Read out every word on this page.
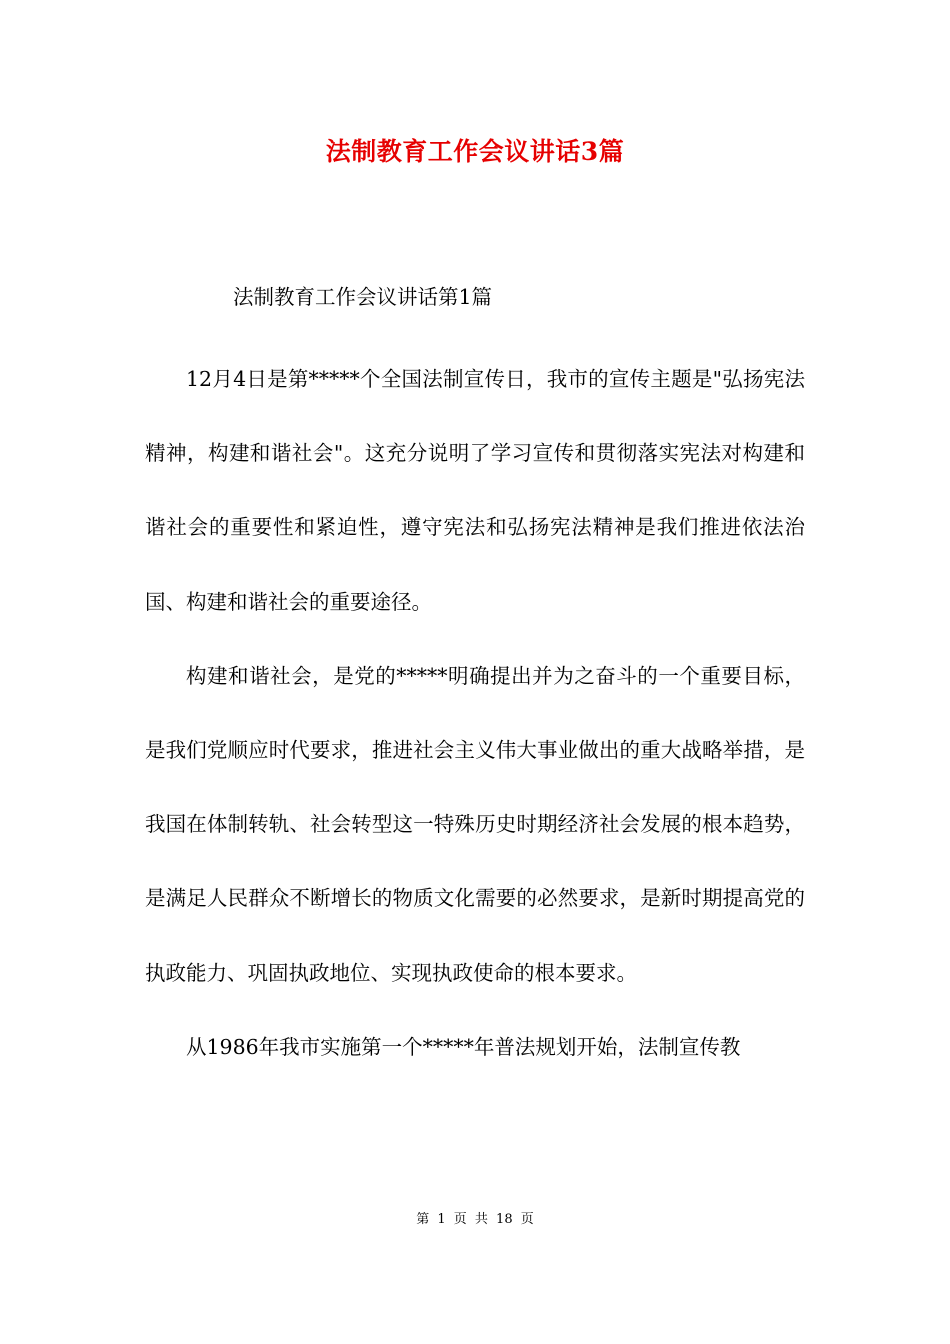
法制教育工作会议讲话3篇
法制教育工作会议讲话第1篇

12月4日是第*****个全国法制宣传日，我市的宣传主题是"弘扬宪法精神，构建和谐社会"。这充分说明了学习宣传和贯彻落实宪法对构建和谐社会的重要性和紧迫性，遵守宪法和弘扬宪法精神是我们推进依法治国、构建和谐社会的重要途径。

构建和谐社会，是党的*****明确提出并为之奋斗的一个重要目标，是我们党顺应时代要求，推进社会主义伟大事业做出的重大战略举措，是我国在体制转轨、社会转型这一特殊历史时期经济社会发展的根本趋势，是满足人民群众不断增长的物质文化需要的必然要求，是新时期提高党的执政能力、巩固执政地位、实现执政使命的根本要求。

从1986年我市实施第一个*****年普法规划开始，法制宣传教

第 1 页 共 18 页
